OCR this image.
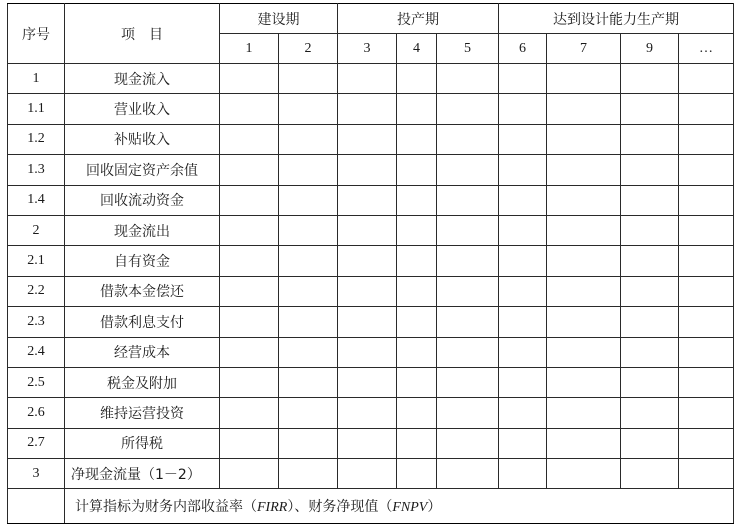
序号	项　目	建设期		投产期			达到设计能力生产期			
		1	2	3	4	5	6	7	9	…
1	现金流入									
1.1	营业收入									
1.2	补贴收入									
1.3	回收固定资产余值									
1.4	回收流动资金									
2	现金流出									
2.1	自有资金									
2.2	借款本金偿还									
2.3	借款利息支付									
2.4	经营成本									
2.5	税金及附加									
2.6	维持运营投资									
2.7	所得税									
3	净现金流量（1－2）									
	计算指标为财务内部收益率（FIRR）、财务净现值（FNPV）									
